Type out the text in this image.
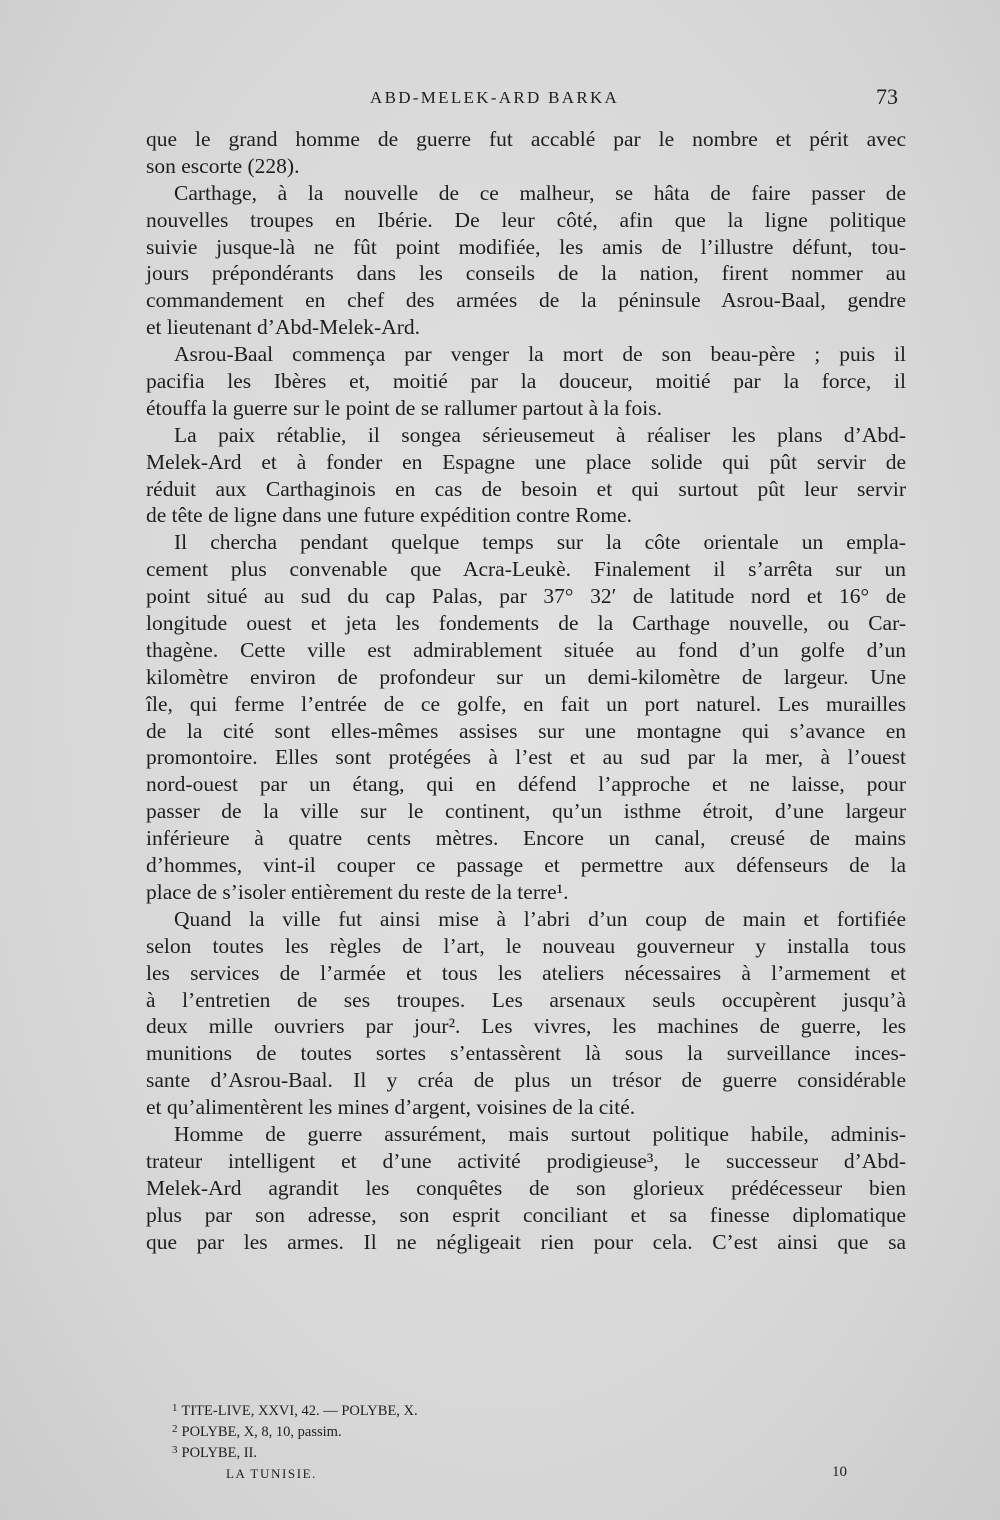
ABD-MELEK-ARD BARKA	73
que le grand homme de guerre fut accablé par le nombre et périt avec
son escorte (228).
Carthage, à la nouvelle de ce malheur, se hâta de faire passer de
nouvelles troupes en Ibérie. De leur côté, afin que la ligne politique
suivie jusque-là ne fût point modifiée, les amis de l’illustre défunt, tou-
jours prépondérants dans les conseils de la nation, firent nommer au
commandement en chef des armées de la péninsule Asrou-Baal, gendre
et lieutenant d’Abd-Melek-Ard.
Asrou-Baal commença par venger la mort de son beau-père ; puis il
pacifia les Ibères et, moitié par la douceur, moitié par la force, il
étouffa la guerre sur le point de se rallumer partout à la fois.
La paix rétablie, il songea sérieusemeut à réaliser les plans d’Abd-
Melek-Ard et à fonder en Espagne une place solide qui pût servir de
réduit aux Carthaginois en cas de besoin et qui surtout pût leur servir
de tête de ligne dans une future expédition contre Rome.
Il chercha pendant quelque temps sur la côte orientale un empla-
cement plus convenable que Acra-Leukè. Finalement il s’arrêta sur un
point situé au sud du cap Palas, par 37° 32′ de latitude nord et 16° de
longitude ouest et jeta les fondements de la Carthage nouvelle, ou Car-
thagène. Cette ville est admirablement située au fond d’un golfe d’un
kilomètre environ de profondeur sur un demi-kilomètre de largeur. Une
île, qui ferme l’entrée de ce golfe, en fait un port naturel. Les murailles
de la cité sont elles-mêmes assises sur une montagne qui s’avance en
promontoire. Elles sont protégées à l’est et au sud par la mer, à l’ouest
nord-ouest par un étang, qui en défend l’approche et ne laisse, pour
passer de la ville sur le continent, qu’un isthme étroit, d’une largeur
inférieure à quatre cents mètres. Encore un canal, creusé de mains
d’hommes, vint-il couper ce passage et permettre aux défenseurs de la
place de s’isoler entièrement du reste de la terre¹.
Quand la ville fut ainsi mise à l’abri d’un coup de main et fortifiée
selon toutes les règles de l’art, le nouveau gouverneur y installa tous
les services de l’armée et tous les ateliers nécessaires à l’armement et
à l’entretien de ses troupes. Les arsenaux seuls occupèrent jusqu’à
deux mille ouvriers par jour². Les vivres, les machines de guerre, les
munitions de toutes sortes s’entassèrent là sous la surveillance inces-
sante d’Asrou-Baal. Il y créa de plus un trésor de guerre considérable
et qu’alimentèrent les mines d’argent, voisines de la cité.
Homme de guerre assurément, mais surtout politique habile, adminis-
trateur intelligent et d’une activité prodigieuse³, le successeur d’Abd-
Melek-Ard agrandit les conquêtes de son glorieux prédécesseur bien
plus par son adresse, son esprit conciliant et sa finesse diplomatique
que par les armes. Il ne négligeait rien pour cela. C’est ainsi que sa
$^1$ TITE-LIVE, XXVI, 42. — POLYBE, X.
$^2$ POLYBE, X, 8, 10, passim.
$^3$ POLYBE, II.
LA TUNISIE.	10
